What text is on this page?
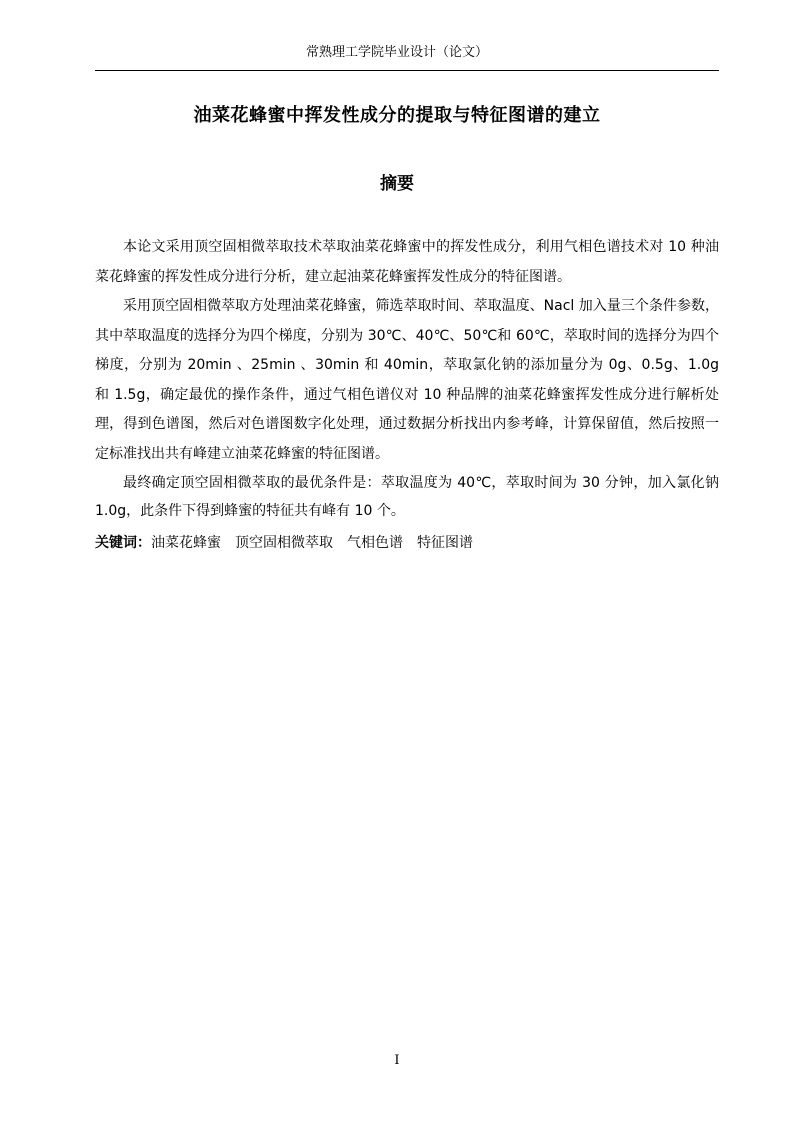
常熟理工学院毕业设计（论文）
油菜花蜂蜜中挥发性成分的提取与特征图谱的建立
摘要

本论文采用顶空固相微萃取技术萃取油菜花蜂蜜中的挥发性成分，利用气相色谱技术对 10 种油菜花蜂蜜的挥发性成分进行分析，建立起油菜花蜂蜜挥发性成分的特征图谱。

采用顶空固相微萃取方处理油菜花蜂蜜，筛选萃取时间、萃取温度、Nacl 加入量三个条件参数，其中萃取温度的选择分为四个梯度，分别为 30℃、40℃、50℃和 60℃，萃取时间的选择分为四个梯度，分别为 20min 、25min 、30min 和 40min，萃取氯化钠的添加量分为 0g、0.5g、1.0g 和 1.5g，确定最优的操作条件，通过气相色谱仪对 10 种品牌的油菜花蜂蜜挥发性成分进行解析处理，得到色谱图，然后对色谱图数字化处理，通过数据分析找出内参考峰，计算保留值，然后按照一定标准找出共有峰建立油菜花蜂蜜的特征图谱。

最终确定顶空固相微萃取的最优条件是：萃取温度为 40℃，萃取时间为 30 分钟，加入氯化钠 1.0g，此条件下得到蜂蜜的特征共有峰有 10 个。

关键词：油菜花蜂蜜 顶空固相微萃取 气相色谱 特征图谱
I
